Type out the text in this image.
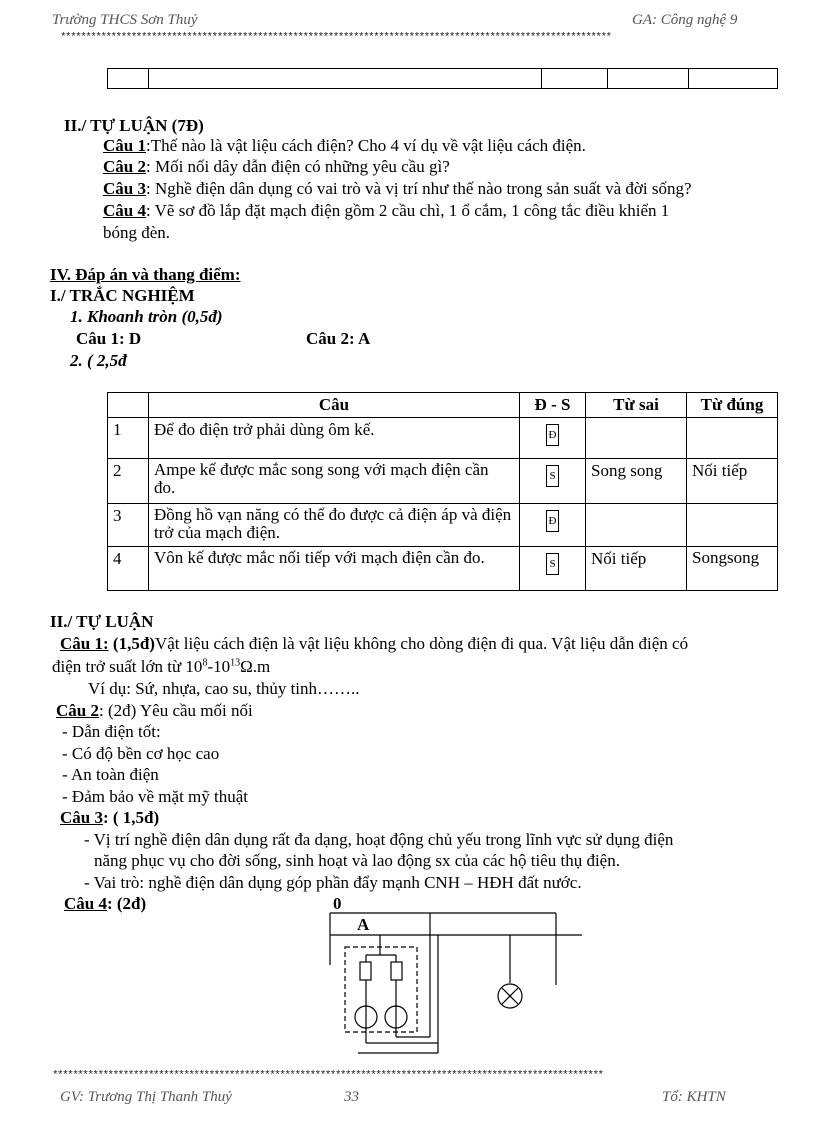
Trường THCS Sơn Thuỷ	GA: Công nghệ 9
*************************************************************************************************************

II./ TỰ LUẬN (7Đ)
Câu 1:Thế nào là vật liệu cách điện? Cho 4 ví dụ về vật liệu cách điện.
Câu 2: Mối nối dây dẫn điện có những yêu cầu gì?
Câu 3: Nghề điện dân dụng có vai trò và vị trí như thế nào trong sản suất và đời sống?
Câu 4: Vẽ sơ đồ lắp đặt mạch điện gồm 2 cầu chì, 1 ổ cắm, 1 công tắc điều khiển 1
bóng đèn.
IV. Đáp án và thang điểm:
I./ TRẮC NGHIỆM
1. Khoanh tròn (0,5đ)
Câu 1: D	Câu 2: A
2. ( 2,5đ
	Câu	Đ - S	Từ sai	Từ đúng
1	Để đo điện trở phải dùng ôm kế.	Đ		
2	Ampe kế được mắc song song với mạch điện cần đo.	S	Song song	Nối tiếp
3	Đồng hồ vạn năng có thể đo được cả điện áp và điện trở của mạch điện.	Đ		
4	Vôn kế được mắc nối tiếp với mạch điện cần đo.	S	Nối tiếp	Songsong
II./ TỰ LUẬN
Câu 1: (1,5đ)Vật liệu cách điện là vật liệu không cho dòng điện đi qua. Vật liệu dẫn điện có
điện trở suất lớn từ $10^8-10^{13}\Omega.m$
Ví dụ: Sứ, nhựa, cao su, thủy tinh……..
Câu 2: (2đ) Yêu cầu mối nối
- Dẫn điện tốt:
- Có độ bền cơ học cao
- An toàn điện
- Đảm bảo về mặt mỹ thuật
Câu 3: ( 1,5đ)
- Vị trí nghề điện dân dụng rất đa dạng, hoạt động chủ yếu trong lĩnh vực sử dụng điện
năng phục vụ cho đời sống, sinh hoạt và lao động sx của các hộ tiêu thụ điện.
- Vai trò: nghề điện dân dụng góp phần đẩy mạnh CNH – HĐH đất nước.
Câu 4: (2đ)	0
A
*************************************************************************************************************
GV: Trương Thị Thanh Thuỷ	33	Tổ: KHTN
